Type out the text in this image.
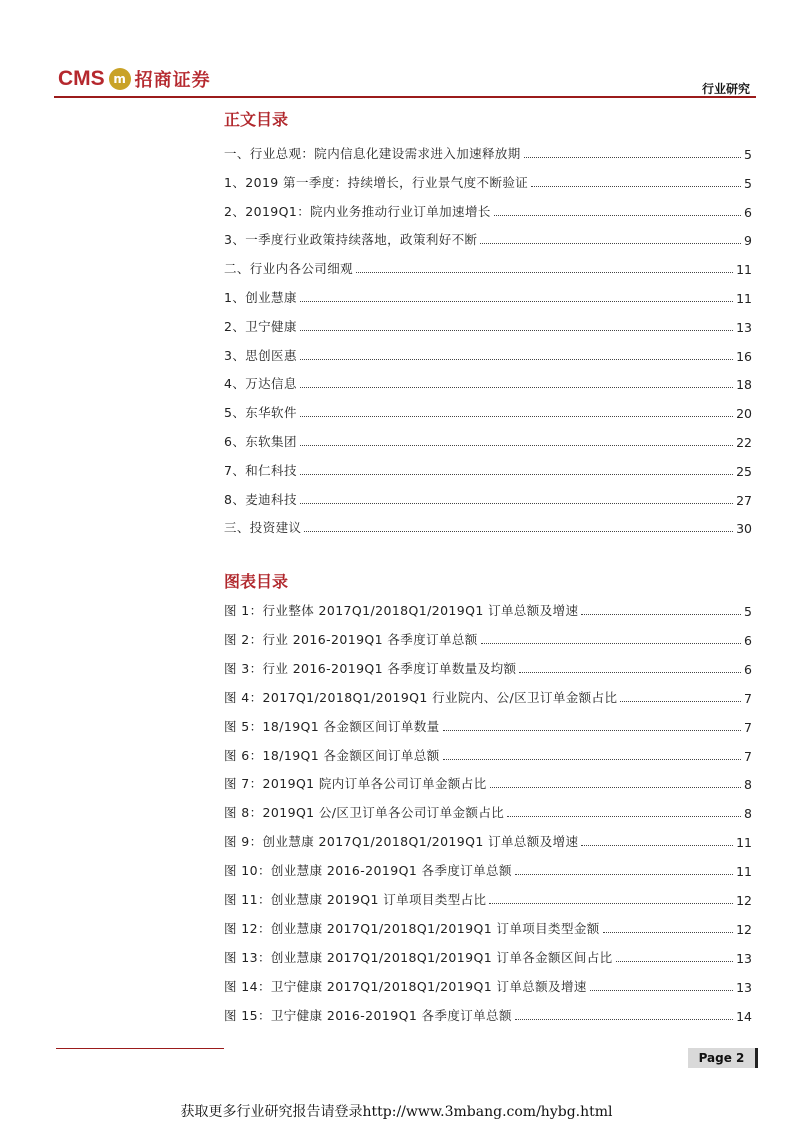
CMS m 招商证券	行业研究
正文目录
一、行业总观：院内信息化建设需求进入加速释放期	5
1、2019 第一季度：持续增长，行业景气度不断验证	5
2、2019Q1：院内业务推动行业订单加速增长	6
3、一季度行业政策持续落地，政策利好不断	9
二、行业内各公司细观	11
1、创业慧康	11
2、卫宁健康	13
3、思创医惠	16
4、万达信息	18
5、东华软件	20
6、东软集团	22
7、和仁科技	25
8、麦迪科技	27
三、投资建议	30
图表目录
图 1：行业整体 2017Q1/2018Q1/2019Q1 订单总额及增速	5
图 2：行业 2016-2019Q1 各季度订单总额	6
图 3：行业 2016-2019Q1 各季度订单数量及均额	6
图 4：2017Q1/2018Q1/2019Q1 行业院内、公/区卫订单金额占比	7
图 5：18/19Q1 各金额区间订单数量	7
图 6：18/19Q1 各金额区间订单总额	7
图 7：2019Q1 院内订单各公司订单金额占比	8
图 8：2019Q1 公/区卫订单各公司订单金额占比	8
图 9：创业慧康 2017Q1/2018Q1/2019Q1 订单总额及增速	11
图 10：创业慧康 2016-2019Q1 各季度订单总额	11
图 11：创业慧康 2019Q1 订单项目类型占比	12
图 12：创业慧康 2017Q1/2018Q1/2019Q1 订单项目类型金额	12
图 13：创业慧康 2017Q1/2018Q1/2019Q1 订单各金额区间占比	13
图 14：卫宁健康 2017Q1/2018Q1/2019Q1 订单总额及增速	13
图 15：卫宁健康 2016-2019Q1 各季度订单总额	14
Page 2
获取更多行业研究报告请登录http://www.3mbang.com/hybg.html
